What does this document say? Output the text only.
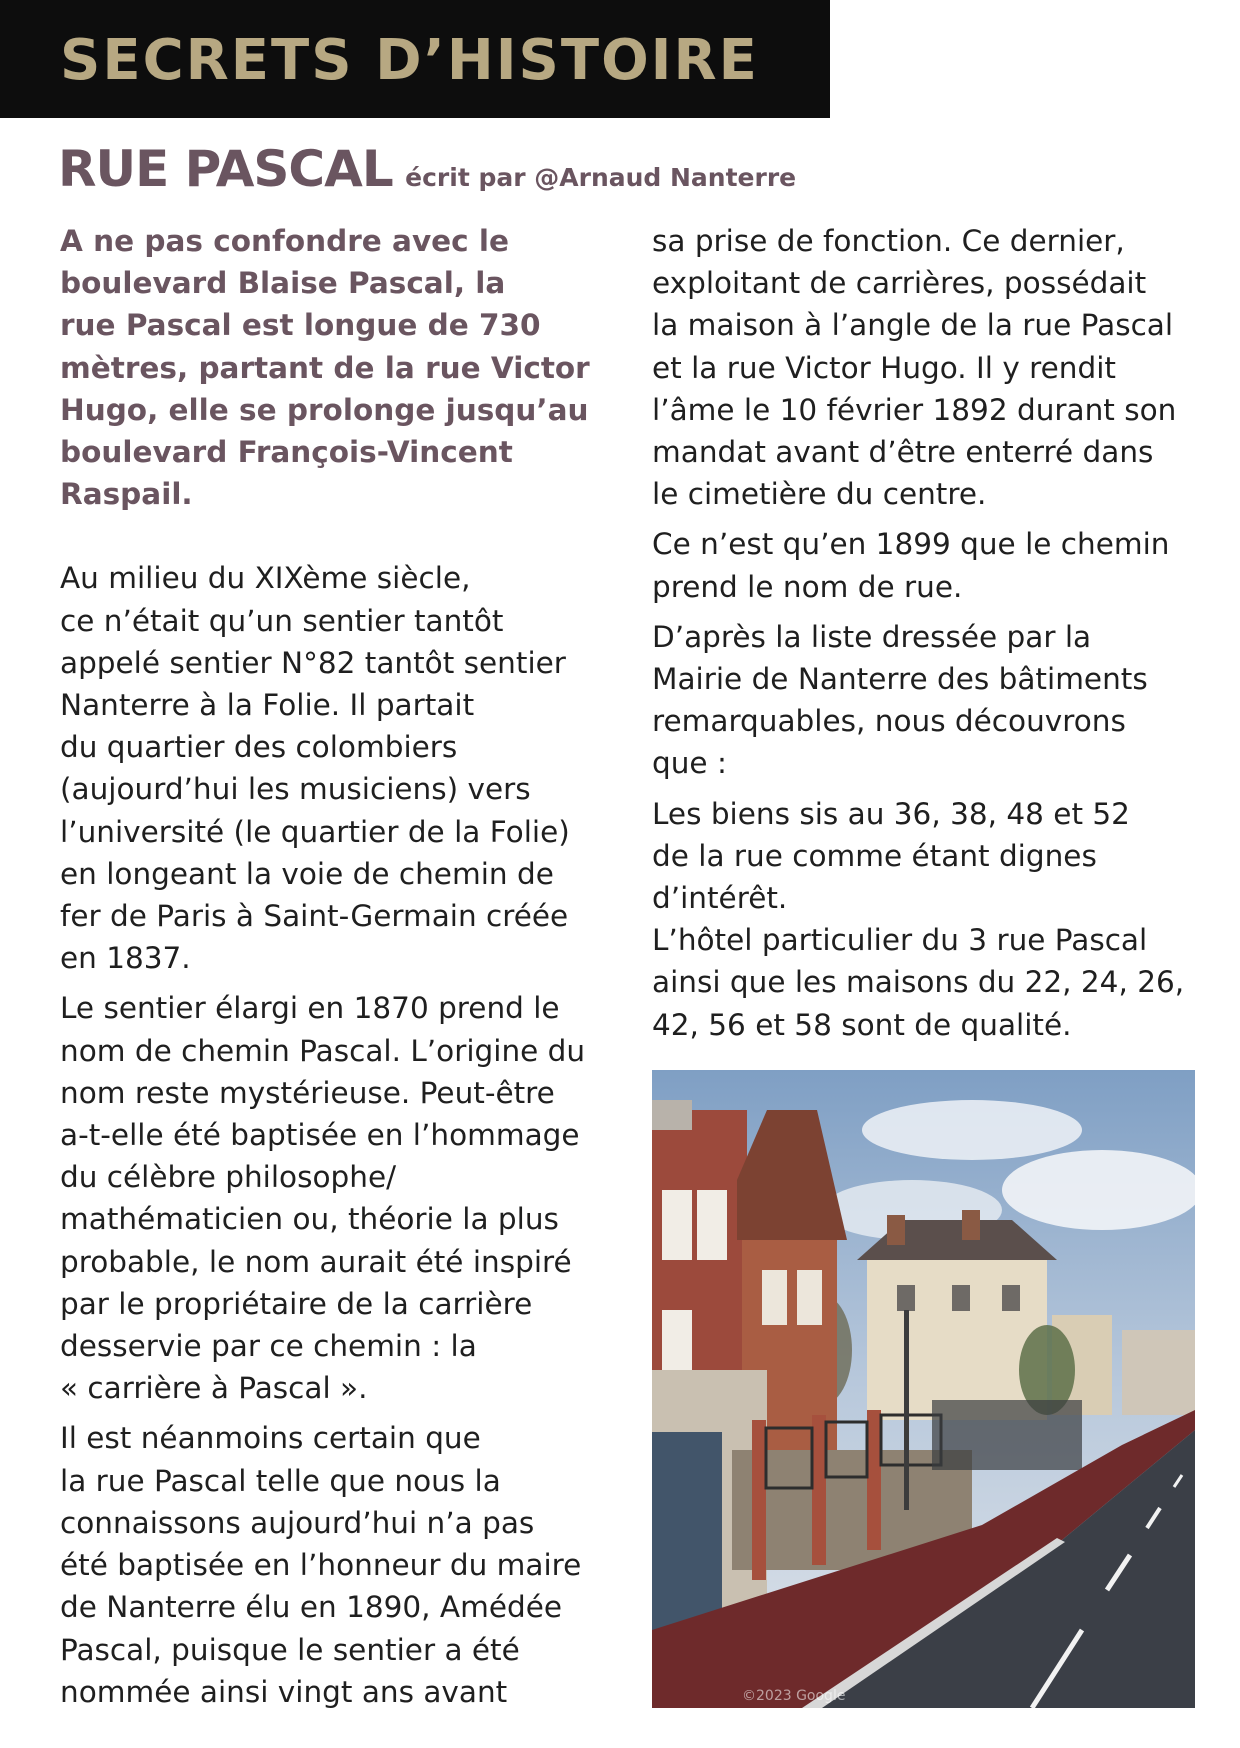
SECRETS D’HISTOIRE
RUE PASCAL écrit par @Arnaud Nanterre
A ne pas confondre avec le
boulevard Blaise Pascal, la
rue Pascal est longue de 730
mètres, partant de la rue Victor
Hugo, elle se prolonge jusqu’au
boulevard François-Vincent
Raspail.
Au milieu du XIXème siècle,
ce n’était qu’un sentier tantôt
appelé sentier N°82 tantôt sentier
Nanterre à la Folie. Il partait
du quartier des colombiers
(aujourd’hui les musiciens) vers
l’université (le quartier de la Folie)
en longeant la voie de chemin de
fer de Paris à Saint-Germain créée
en 1837.
Le sentier élargi en 1870 prend le
nom de chemin Pascal. L’origine du
nom reste mystérieuse. Peut-être
a-t-elle été baptisée en l’hommage
du célèbre philosophe/
mathématicien ou, théorie la plus
probable, le nom aurait été inspiré
par le propriétaire de la carrière
desservie par ce chemin : la
« carrière à Pascal ».
Il est néanmoins certain que
la rue Pascal telle que nous la
connaissons aujourd’hui n’a pas
été baptisée en l’honneur du maire
de Nanterre élu en 1890, Amédée
Pascal, puisque le sentier a été
nommée ainsi vingt ans avant
sa prise de fonction. Ce dernier,
exploitant de carrières, possédait
la maison à l’angle de la rue Pascal
et la rue Victor Hugo. Il y rendit
l’âme le 10 février 1892 durant son
mandat avant d’être enterré dans
le cimetière du centre.
Ce n’est qu’en 1899 que le chemin
prend le nom de rue.
D’après la liste dressée par la
Mairie de Nanterre des bâtiments
remarquables, nous découvrons
que :
Les biens sis au 36, 38, 48 et 52
de la rue comme étant dignes
d’intérêt.
L’hôtel particulier du 3 rue Pascal
ainsi que les maisons du 22, 24, 26,
42, 56 et 58 sont de qualité.
©2023 Google
